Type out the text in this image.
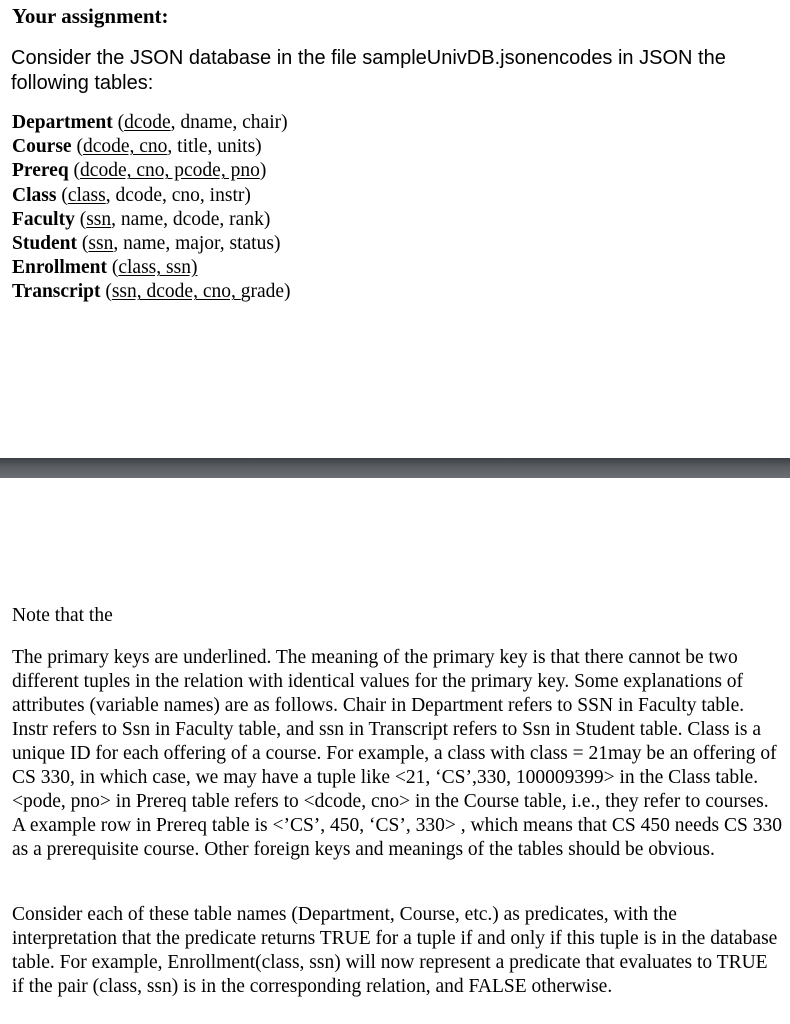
Your assignment:
Consider the JSON database in the file sampleUnivDB.jsonencodes in JSON the following tables:
Department (dcode, dname, chair)
Course (dcode, cno, title, units)
Prereq (dcode, cno, pcode, pno)
Class (class, dcode, cno, instr)
Faculty (ssn, name, dcode, rank)
Student (ssn, name, major, status)
Enrollment (class, ssn)
Transcript (ssn, dcode, cno, grade)
Note that the

The primary keys are underlined. The meaning of the primary key is that there cannot be two different tuples in the relation with identical values for the primary key. Some explanations of attributes (variable names) are as follows. Chair in Department refers to SSN in Faculty table. Instr refers to Ssn in Faculty table, and ssn in Transcript refers to Ssn in Student table. Class is a unique ID for each offering of a course. For example, a class with class = 21may be an offering of CS 330, in which case, we may have a tuple like <21, ‘CS’,330, 100009399> in the Class table. <pode, pno> in Prereq table refers to <dcode, cno> in the Course table, i.e., they refer to courses. A example row in Prereq table is <’CS’, 450, ‘CS’, 330> , which means that CS 450 needs CS 330 as a prerequisite course. Other foreign keys and meanings of the tables should be obvious.

Consider each of these table names (Department, Course, etc.) as predicates, with the interpretation that the predicate returns TRUE for a tuple if and only if this tuple is in the database table. For example, Enrollment(class, ssn) will now represent a predicate that evaluates to TRUE if the pair (class, ssn) is in the corresponding relation, and FALSE otherwise.
